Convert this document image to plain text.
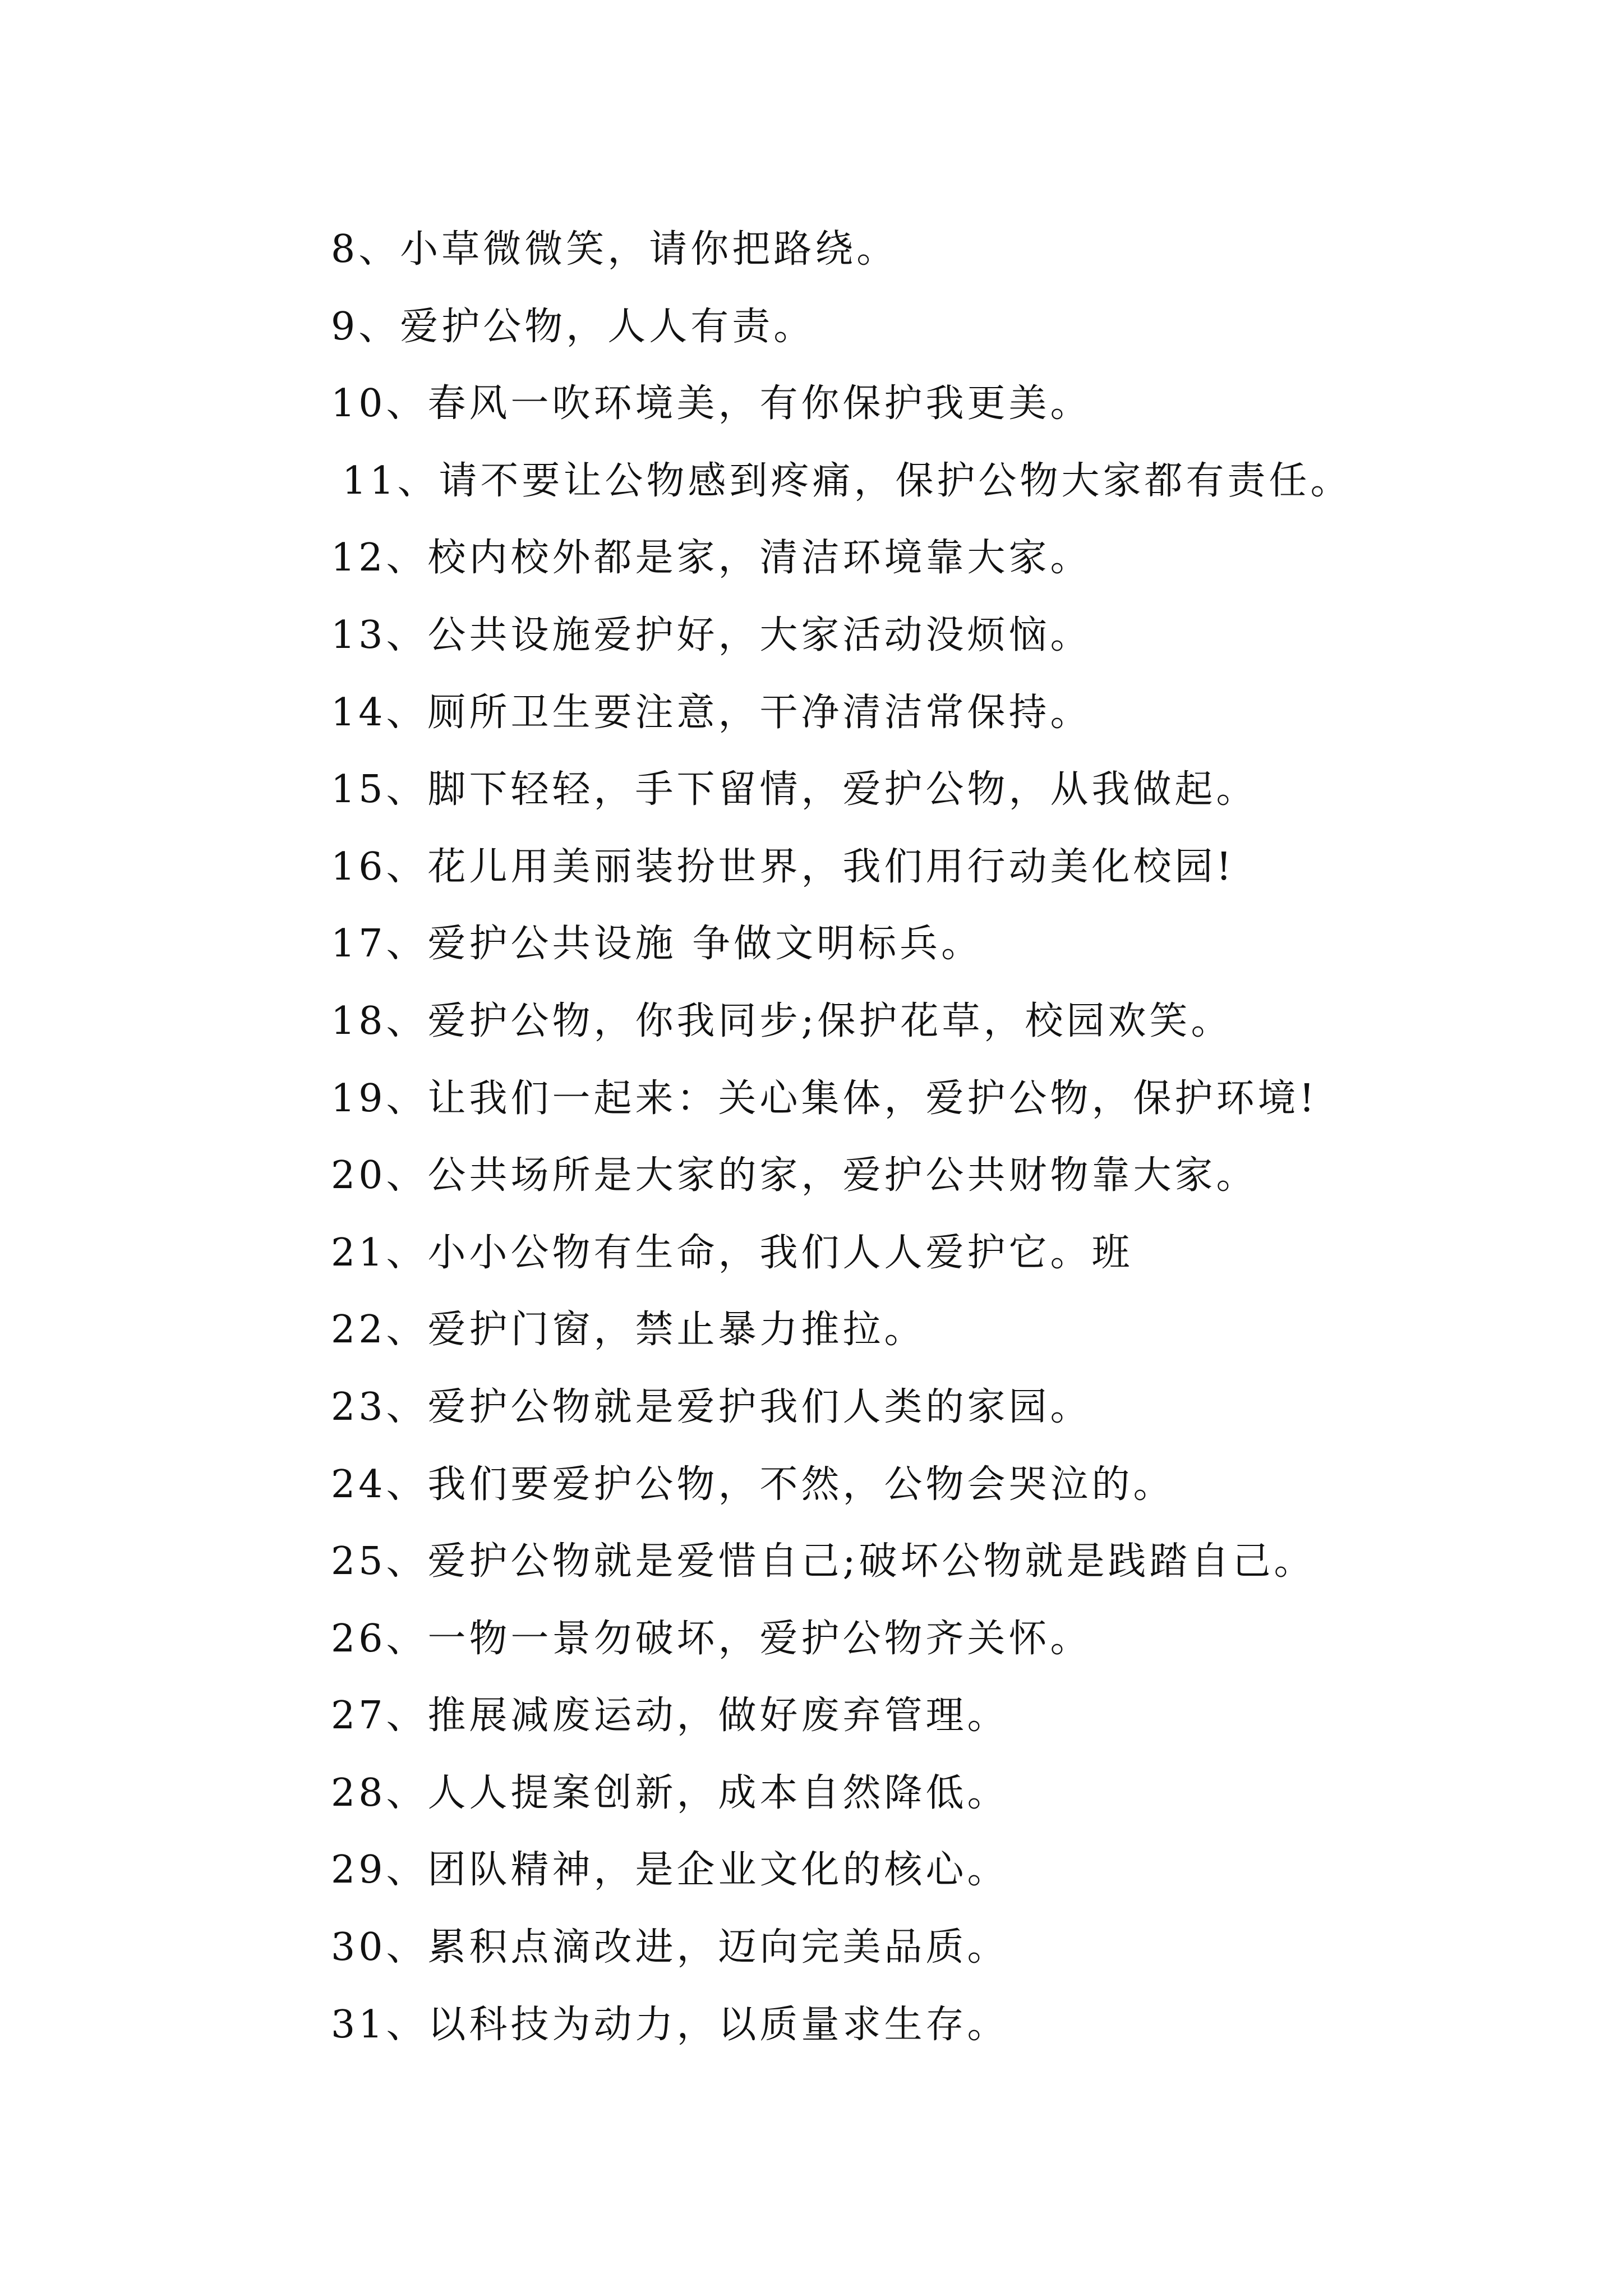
8、小草微微笑，请你把路绕。
9、爱护公物，人人有责。
10、春风一吹环境美，有你保护我更美。
11、请不要让公物感到疼痛，保护公物大家都有责任。
12、校内校外都是家，清洁环境靠大家。
13、公共设施爱护好，大家活动没烦恼。
14、厕所卫生要注意，干净清洁常保持。
15、脚下轻轻，手下留情，爱护公物，从我做起。
16、花儿用美丽装扮世界，我们用行动美化校园!
17、爱护公共设施 争做文明标兵。
18、爱护公物，你我同步;保护花草，校园欢笑。
19、让我们一起来：关心集体，爱护公物，保护环境!
20、公共场所是大家的家，爱护公共财物靠大家。
21、小小公物有生命，我们人人爱护它。班
22、爱护门窗，禁止暴力推拉。
23、爱护公物就是爱护我们人类的家园。
24、我们要爱护公物，不然，公物会哭泣的。
25、爱护公物就是爱惜自己;破坏公物就是践踏自己。
26、一物一景勿破坏，爱护公物齐关怀。
27、推展减废运动，做好废弃管理。
28、人人提案创新，成本自然降低。
29、团队精神，是企业文化的核心。
30、累积点滴改进，迈向完美品质。
31、以科技为动力，以质量求生存。
